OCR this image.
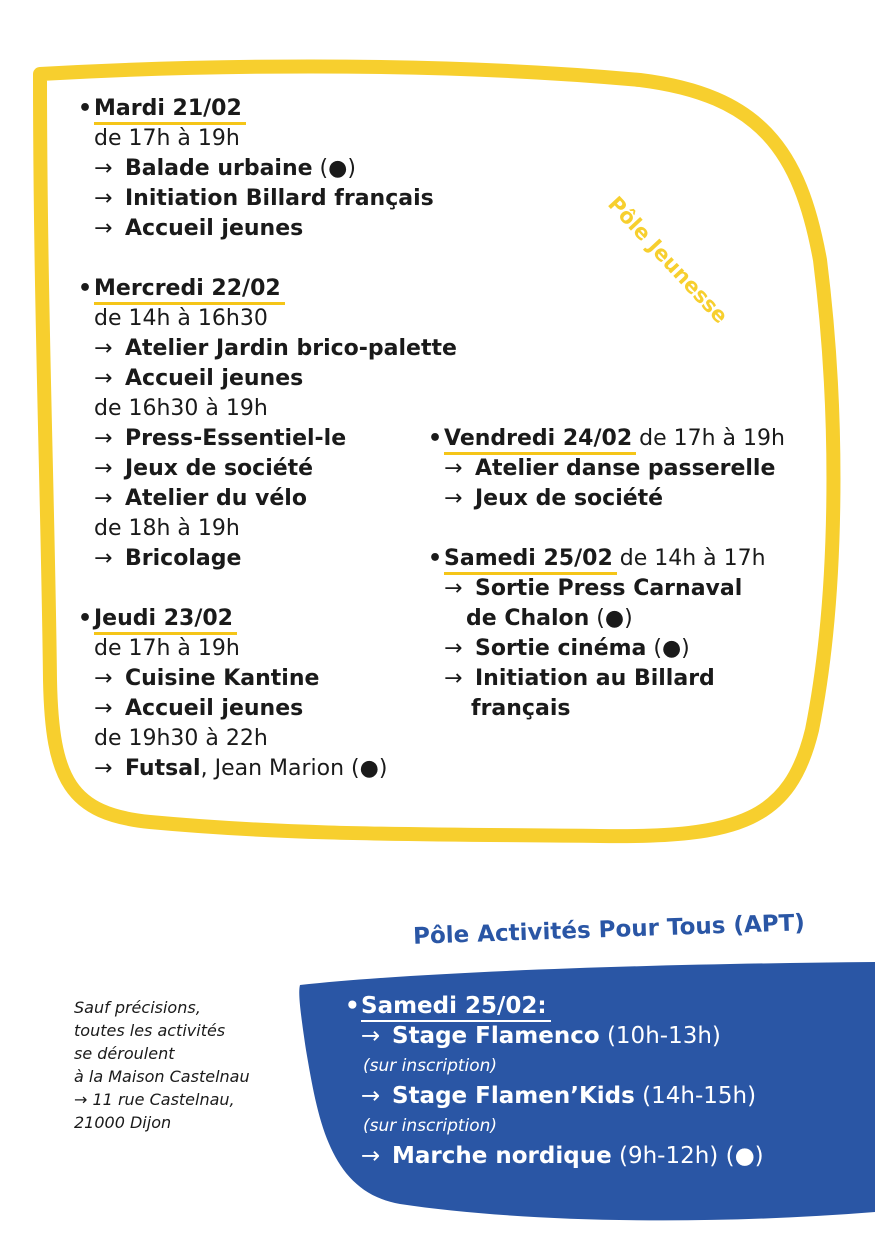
Pôle Jeunesse
•Mardi 21/02
de 17h à 19h
→ Balade urbaine (●)
→ Initiation Billard français
→ Accueil jeunes
•Mercredi 22/02
de 14h à 16h30
→ Atelier Jardin brico-palette
→ Accueil jeunes
de 16h30 à 19h
→ Press-Essentiel-le
→ Jeux de société
→ Atelier du vélo
de 18h à 19h
→ Bricolage
•Jeudi 23/02
de 17h à 19h
→ Cuisine Kantine
→ Accueil jeunes
de 19h30 à 22h
→ Futsal, Jean Marion (●)
•Vendredi 24/02
de 17h à 19h
→ Atelier danse passerelle
→ Jeux de société
•Samedi 25/02
de 14h à 17h
→ Sortie Press Carnaval
de Chalon (●)
→ Sortie cinéma (●)
→ Initiation au Billard
français
Pôle Activités Pour Tous (APT)
Sauf précisions,
toutes les activités
se déroulent
à la Maison Castelnau
→ 11 rue Castelnau,
21000 Dijon
•Samedi 25/02:
→ Stage Flamenco (10h-13h)
(sur inscription)
→ Stage Flamen’Kids (14h-15h)
(sur inscription)
→ Marche nordique (9h-12h) (●)
